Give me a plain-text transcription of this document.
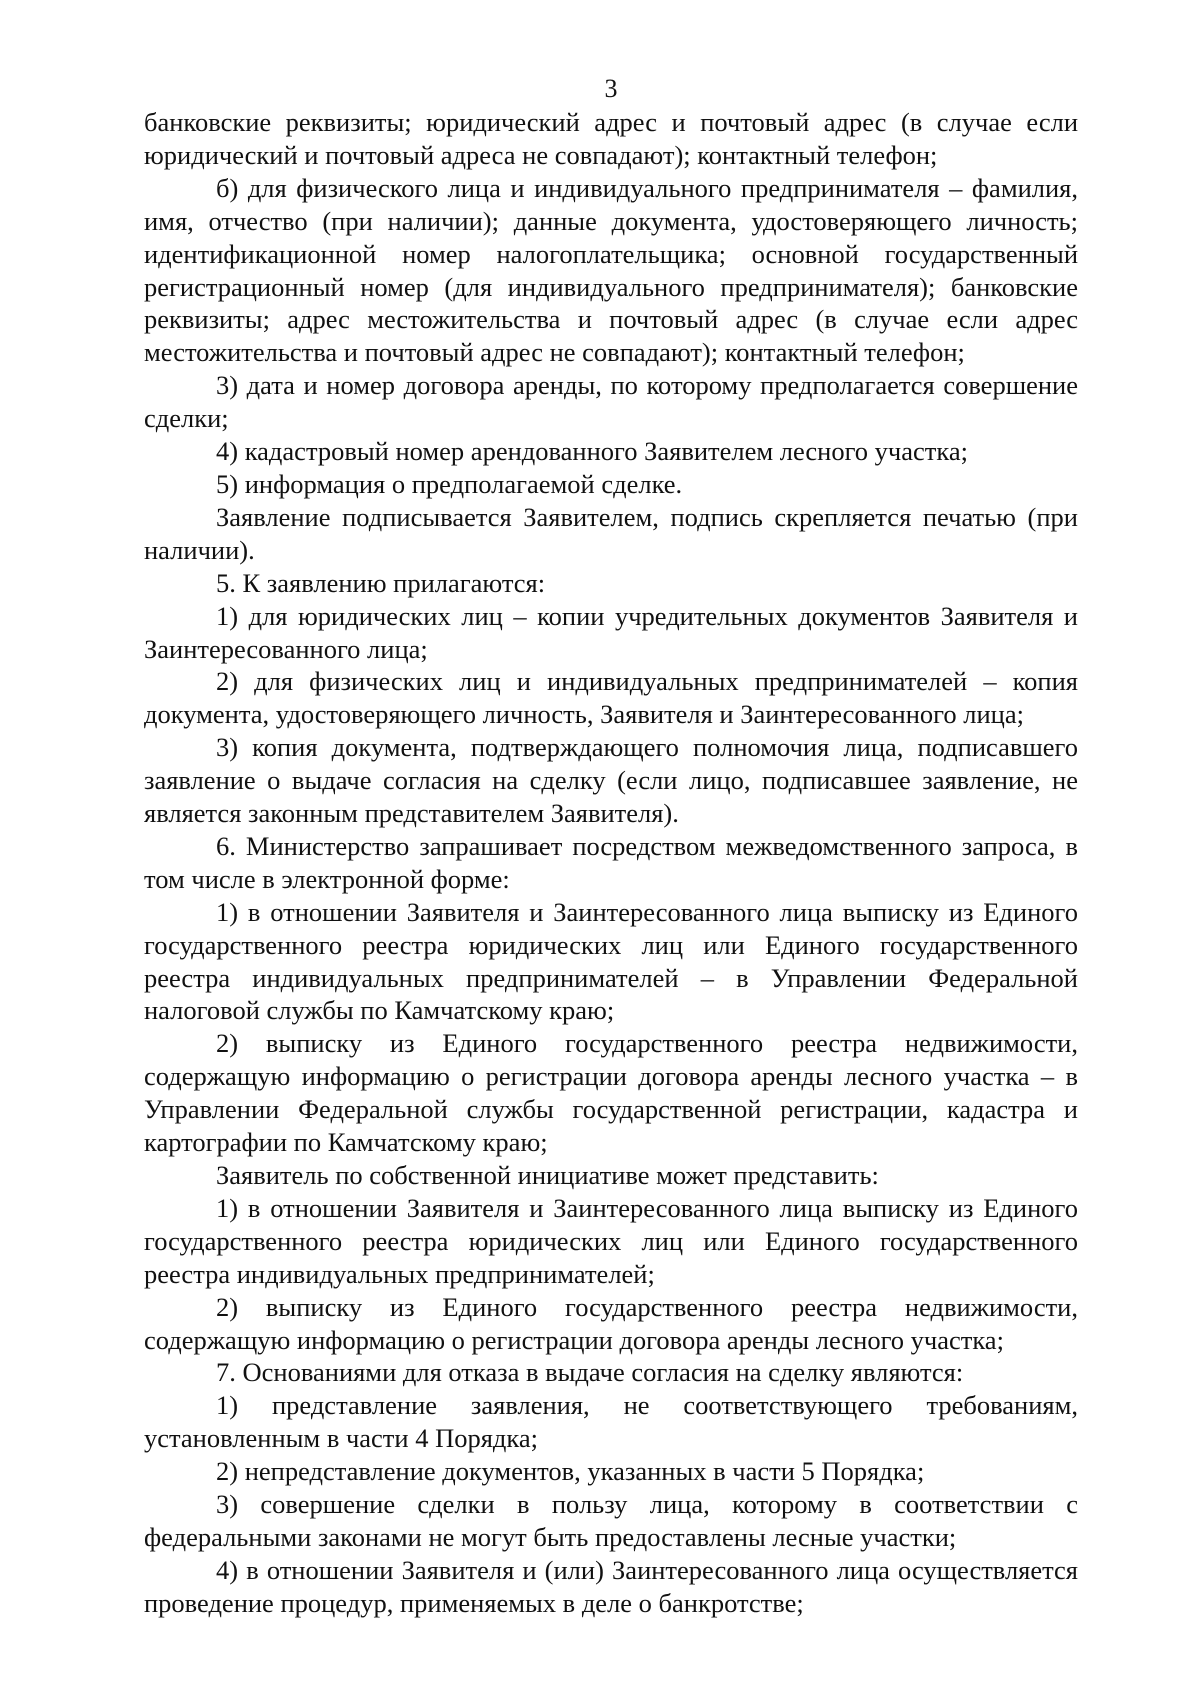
3

банковские реквизиты; юридический адрес и почтовый адрес (в случае если юридический и почтовый адреса не совпадают); контактный телефон;

б) для физического лица и индивидуального предпринимателя – фамилия, имя, отчество (при наличии); данные документа, удостоверяющего личность; идентификационной номер налогоплательщика; основной государственный регистрационный номер (для индивидуального предпринимателя); банковские реквизиты; адрес местожительства и почтовый адрес (в случае если адрес местожительства и почтовый адрес не совпадают); контактный телефон;

3) дата и номер договора аренды, по которому предполагается совершение сделки;

4) кадастровый номер арендованного Заявителем лесного участка;

5) информация о предполагаемой сделке.

Заявление подписывается Заявителем, подпись скрепляется печатью (при наличии).

5. К заявлению прилагаются:

1) для юридических лиц – копии учредительных документов Заявителя и Заинтересованного лица;

2) для физических лиц и индивидуальных предпринимателей – копия документа, удостоверяющего личность, Заявителя и Заинтересованного лица;

3) копия документа, подтверждающего полномочия лица, подписавшего заявление о выдаче согласия на сделку (если лицо, подписавшее заявление, не является законным представителем Заявителя).

6. Министерство запрашивает посредством межведомственного запроса, в том числе в электронной форме:

1) в отношении Заявителя и Заинтересованного лица выписку из Единого государственного реестра юридических лиц или Единого государственного реестра индивидуальных предпринимателей – в Управлении Федеральной налоговой службы по Камчатскому краю;

2) выписку из Единого государственного реестра недвижимости, содержащую информацию о регистрации договора аренды лесного участка – в Управлении Федеральной службы государственной регистрации, кадастра и картографии по Камчатскому краю;

Заявитель по собственной инициативе может представить:

1) в отношении Заявителя и Заинтересованного лица выписку из Единого государственного реестра юридических лиц или Единого государственного реестра индивидуальных предпринимателей;

2) выписку из Единого государственного реестра недвижимости, содержащую информацию о регистрации договора аренды лесного участка;

7. Основаниями для отказа в выдаче согласия на сделку являются:

1) представление заявления, не соответствующего требованиям, установленным в части 4 Порядка;

2) непредставление документов, указанных в части 5 Порядка;

3) совершение сделки в пользу лица, которому в соответствии с федеральными законами не могут быть предоставлены лесные участки;

4) в отношении Заявителя и (или) Заинтересованного лица осуществляется проведение процедур, применяемых в деле о банкротстве;
